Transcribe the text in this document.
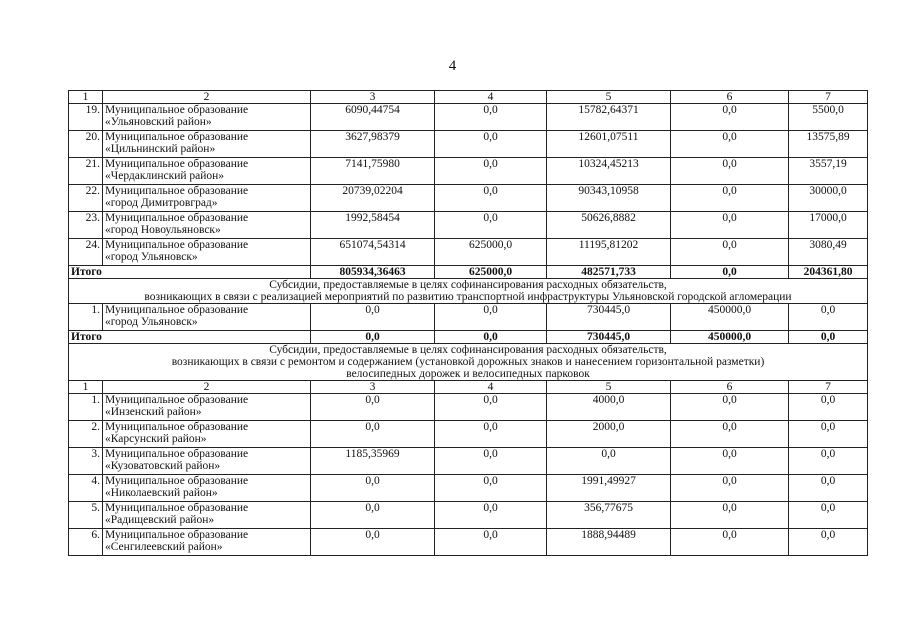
4
1	2	3	4	5	6	7
19.	Муниципальное образование
«Ульяновский район»	6090,44754	0,0	15782,64371	0,0	5500,0
20.	Муниципальное образование
«Цильнинский район»	3627,98379	0,0	12601,07511	0,0	13575,89
21.	Муниципальное образование
«Чердаклинский район»	7141,75980	0,0	10324,45213	0,0	3557,19
22.	Муниципальное образование
«город Димитровград»	20739,02204	0,0	90343,10958	0,0	30000,0
23.	Муниципальное образование
«город Новоульяновск»	1992,58454	0,0	50626,8882	0,0	17000,0
24.	Муниципальное образование
«город Ульяновск»	651074,54314	625000,0	11195,81202	0,0	3080,49
Итого		805934,36463	625000,0	482571,733	0,0	204361,80

Субсидии, предоставляемые в целях софинансирования расходных обязательств,
возникающих в связи с реализацией мероприятий по развитию транспортной инфраструктуры Ульяновской городской агломерации						

1.	Муниципальное образование
«город Ульяновск»	0,0	0,0	730445,0	450000,0	0,0
Итого		0,0	0,0	730445,0	450000,0	0,0

Субсидии, предоставляемые в целях софинансирования расходных обязательств,
возникающих в связи с ремонтом и содержанием (установкой дорожных знаков и нанесением горизонтальной разметки)
велосипедных дорожек и велосипедных парковок						

1	2	3	4	5	6	7
1.	Муниципальное образование
«Инзенский район»	0,0	0,0	4000,0	0,0	0,0
2.	Муниципальное образование
«Карсунский район»	0,0	0,0	2000,0	0,0	0,0
3.	Муниципальное образование
«Кузоватовский район»	1185,35969	0,0	0,0	0,0	0,0
4.	Муниципальное образование
«Николаевский район»	0,0	0,0	1991,49927	0,0	0,0
5.	Муниципальное образование
«Радищевский район»	0,0	0,0	356,77675	0,0	0,0
6.	Муниципальное образование
«Сенгилеевский район»	0,0	0,0	1888,94489	0,0	0,0
